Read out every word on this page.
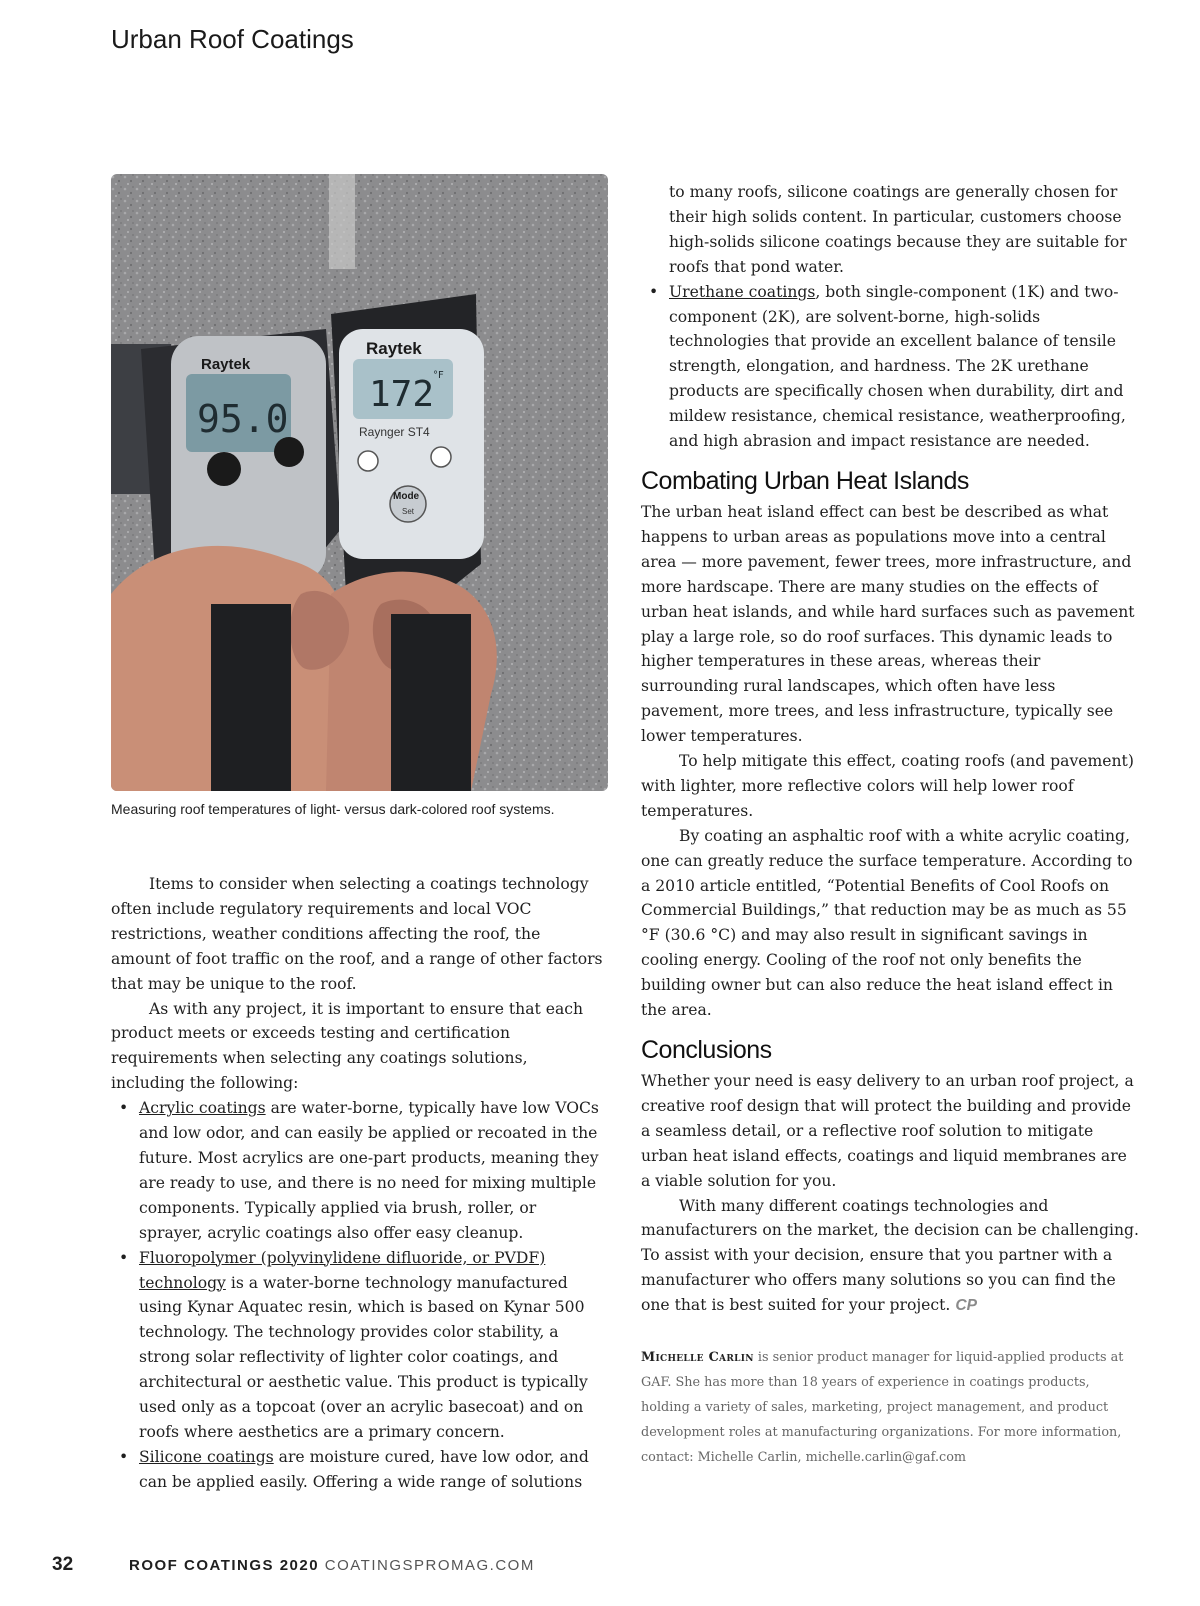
Urban Roof Coatings
Raytek
95.0
Raytek
172
°F
Raynger ST4
Mode
Set
Measuring roof temperatures of light- versus dark-colored roof systems.

Items to consider when selecting a coatings technology often include regulatory requirements and local VOC restrictions, weather conditions affecting the roof, the amount of foot traffic on the roof, and a range of other factors that may be unique to the roof.

As with any project, it is important to ensure that each product meets or exceeds testing and certification requirements when selecting any coatings solutions, including the following:

• Acrylic coatings are water-borne, typically have low VOCs and low odor, and can easily be applied or recoated in the future. Most acrylics are one-part products, meaning they are ready to use, and there is no need for mixing multiple components. Typically applied via brush, roller, or sprayer, acrylic coatings also offer easy cleanup.
• Fluoropolymer (polyvinylidene difluoride, or PVDF) technology is a water-borne technology manufactured using Kynar Aquatec resin, which is based on Kynar 500 technology. The technology provides color stability, a strong solar reflectivity of lighter color coatings, and architectural or aesthetic value. This product is typically used only as a topcoat (over an acrylic basecoat) and on roofs where aesthetics are a primary concern.
• Silicone coatings are moisture cured, have low odor, and can be applied easily. Offering a wide range of solutions

to many roofs, silicone coatings are generally chosen for their high solids content. In particular, customers choose high-solids silicone coatings because they are suitable for roofs that pond water.

• Urethane coatings, both single-component (1K) and two-component (2K), are solvent-borne, high-solids technologies that provide an excellent balance of tensile strength, elongation, and hardness. The 2K urethane products are specifically chosen when durability, dirt and mildew resistance, chemical resistance, weatherproofing, and high abrasion and impact resistance are needed.
Combating Urban Heat Islands

The urban heat island effect can best be described as what happens to urban areas as populations move into a central area — more pavement, fewer trees, more infrastructure, and more hardscape. There are many studies on the effects of urban heat islands, and while hard surfaces such as pavement play a large role, so do roof surfaces. This dynamic leads to higher temperatures in these areas, whereas their surrounding rural landscapes, which often have less pavement, more trees, and less infrastructure, typically see lower temperatures.

To help mitigate this effect, coating roofs (and pavement) with lighter, more reflective colors will help lower roof temperatures.

By coating an asphaltic roof with a white acrylic coating, one can greatly reduce the surface temperature. According to a 2010 article entitled, “Potential Benefits of Cool Roofs on Commercial Buildings,” that reduction may be as much as 55 °F (30.6 °C) and may also result in significant savings in cooling energy. Cooling of the roof not only benefits the building owner but can also reduce the heat island effect in the area.

Conclusions

Whether your need is easy delivery to an urban roof project, a creative roof design that will protect the building and provide a seamless detail, or a reflective roof solution to mitigate urban heat island effects, coatings and liquid membranes are a viable solution for you.

With many different coatings technologies and manufacturers on the market, the decision can be challenging. To assist with your decision, ensure that you partner with a manufacturer who offers many solutions so you can find the one that is best suited for your project. CP

Michelle Carlin is senior product manager for liquid-applied products at GAF. She has more than 18 years of experience in coatings products, holding a variety of sales, marketing, project management, and product development roles at manufacturing organizations. For more information, contact: Michelle Carlin, michelle.carlin@gaf.com

32	ROOF COATINGS 2020 COATINGSPROMAG.COM
